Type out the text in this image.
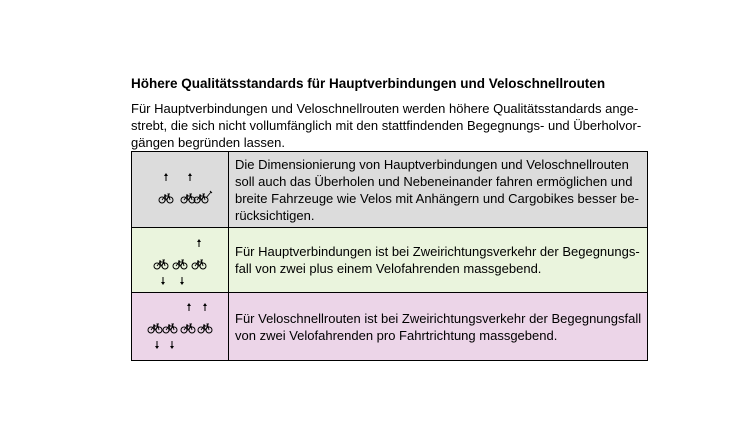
Höhere Qualitätsstandards für Hauptverbindungen und Veloschnellrouten
Für Hauptverbindungen und Veloschnellrouten werden höhere Qualitätsstandards ange-
strebt, die sich nicht vollumfänglich mit den stattfindenden Begegnungs- und Überholvor-
gängen begründen lassen.

Die Dimensionierung von Hauptverbindungen und Veloschnellrouten
soll auch das Überholen und Nebeneinander fahren ermöglichen und
breite Fahrzeuge wie Velos mit Anhängern und Cargobikes besser be-
rücksichtigen.

Für Hauptverbindungen ist bei Zweirichtungsverkehr der Begegnungs-
fall von zwei plus einem Velofahrenden massgebend.

Für Veloschnellrouten ist bei Zweirichtungsverkehr der Begegnungsfall
von zwei Velofahrenden pro Fahrtrichtung massgebend.
